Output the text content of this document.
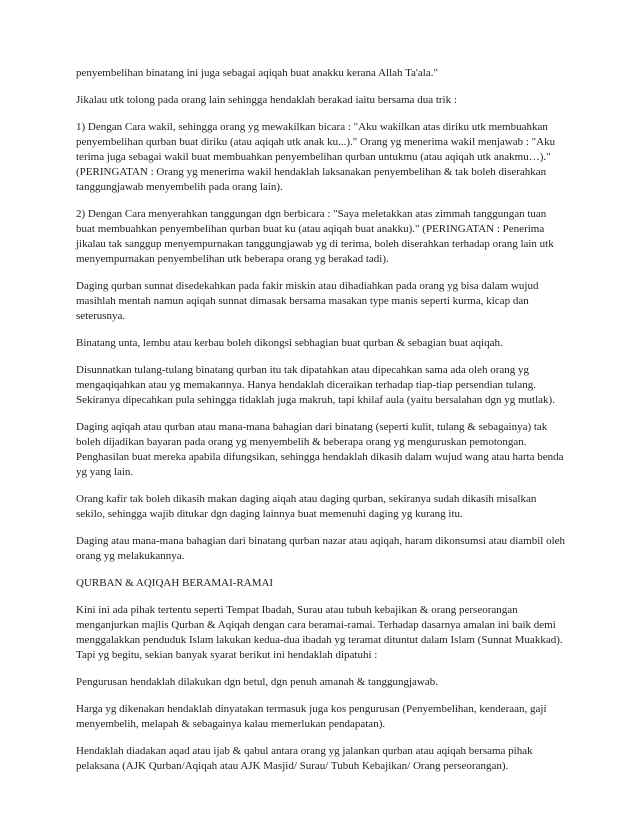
penyembelihan binatang ini juga sebagai aqiqah buat anakku kerana Allah Ta'ala."

Jikalau utk tolong pada orang lain sehingga hendaklah berakad iaitu bersama dua trik :

1) Dengan Cara wakil, sehingga orang yg mewakilkan bicara : "Aku wakilkan atas diriku utk membuahkan
penyembelihan qurban buat diriku (atau aqiqah utk anak ku...)." Orang yg menerima wakil menjawab : "Aku
terima juga sebagai wakil buat membuahkan penyembelihan qurban untukmu (atau aqiqah utk anakmu…)."
(PERINGATAN : Orang yg menerima wakil hendaklah laksanakan penyembelihan & tak boleh diserahkan
tanggungjawab menyembelih pada orang lain).

2) Dengan Cara menyerahkan tanggungan dgn berbicara : "Saya meletakkan atas zimmah tanggungan tuan
buat membuahkan penyembelihan qurban buat ku (atau aqiqah buat anakku)." (PERINGATAN : Penerima
jikalau tak sanggup menyempurnakan tanggungjawab yg di terima, boleh diserahkan terhadap orang lain utk
menyempurnakan penyembelihan utk beberapa orang yg berakad tadi).

Daging qurban sunnat disedekahkan pada fakir miskin atau dihadiahkan pada orang yg bisa dalam wujud
masihlah mentah namun aqiqah sunnat dimasak bersama masakan type manis seperti kurma, kicap dan
seterusnya.

Binatang unta, lembu atau kerbau boleh dikongsi sebhagian buat qurban & sebagian buat aqiqah.

Disunnatkan tulang-tulang binatang qurban itu tak dipatahkan atau dipecahkan sama ada oleh orang yg
mengaqiqahkan atau yg memakannya. Hanya hendaklah diceraikan terhadap tiap-tiap persendian tulang.
Sekiranya dipecahkan pula sehingga tidaklah juga makruh, tapi khilaf aula (yaitu bersalahan dgn yg mutlak).

Daging aqiqah atau qurban atau mana-mana bahagian dari binatang (seperti kulit, tulang & sebagainya) tak
boleh dijadikan bayaran pada orang yg menyembelih & beberapa orang yg menguruskan pemotongan.
Penghasilan buat mereka apabila difungsikan, sehingga hendaklah dikasih dalam wujud wang atau harta benda
yg yang lain.

Orang kafir tak boleh dikasih makan daging aiqah atau daging qurban, sekiranya sudah dikasih misalkan
sekilo, sehingga wajib ditukar dgn daging lainnya buat memenuhi daging yg kurang itu.

Daging atau mana-mana bahagian dari binatang qurban nazar atau aqiqah, haram dikonsumsi atau diambil oleh
orang yg melakukannya.

QURBAN & AQIQAH BERAMAI-RAMAI

Kini ini ada pihak tertentu seperti Tempat Ibadah, Surau atau tubuh kebajikan & orang perseorangan
menganjurkan majlis Qurban & Aqiqah dengan cara beramai-ramai. Terhadap dasarnya amalan ini baik demi
menggalakkan penduduk Islam lakukan kedua-dua ibadah yg teramat dituntut dalam Islam (Sunnat Muakkad).
Tapi yg begitu, sekian banyak syarat berikut ini hendaklah dipatuhi :

Pengurusan hendaklah dilakukan dgn betul, dgn penuh amanah & tanggungjawab.

Harga yg dikenakan hendaklah dinyatakan termasuk juga kos pengurusan (Penyembelihan, kenderaan, gaji
menyembelih, melapah & sebagainya kalau memerlukan pendapatan).

Hendaklah diadakan aqad atau ijab & qabul antara orang yg jalankan qurban atau aqiqah bersama pihak
pelaksana (AJK Qurban/Aqiqah atau AJK Masjid/ Surau/ Tubuh Kebajikan/ Orang perseorangan).
